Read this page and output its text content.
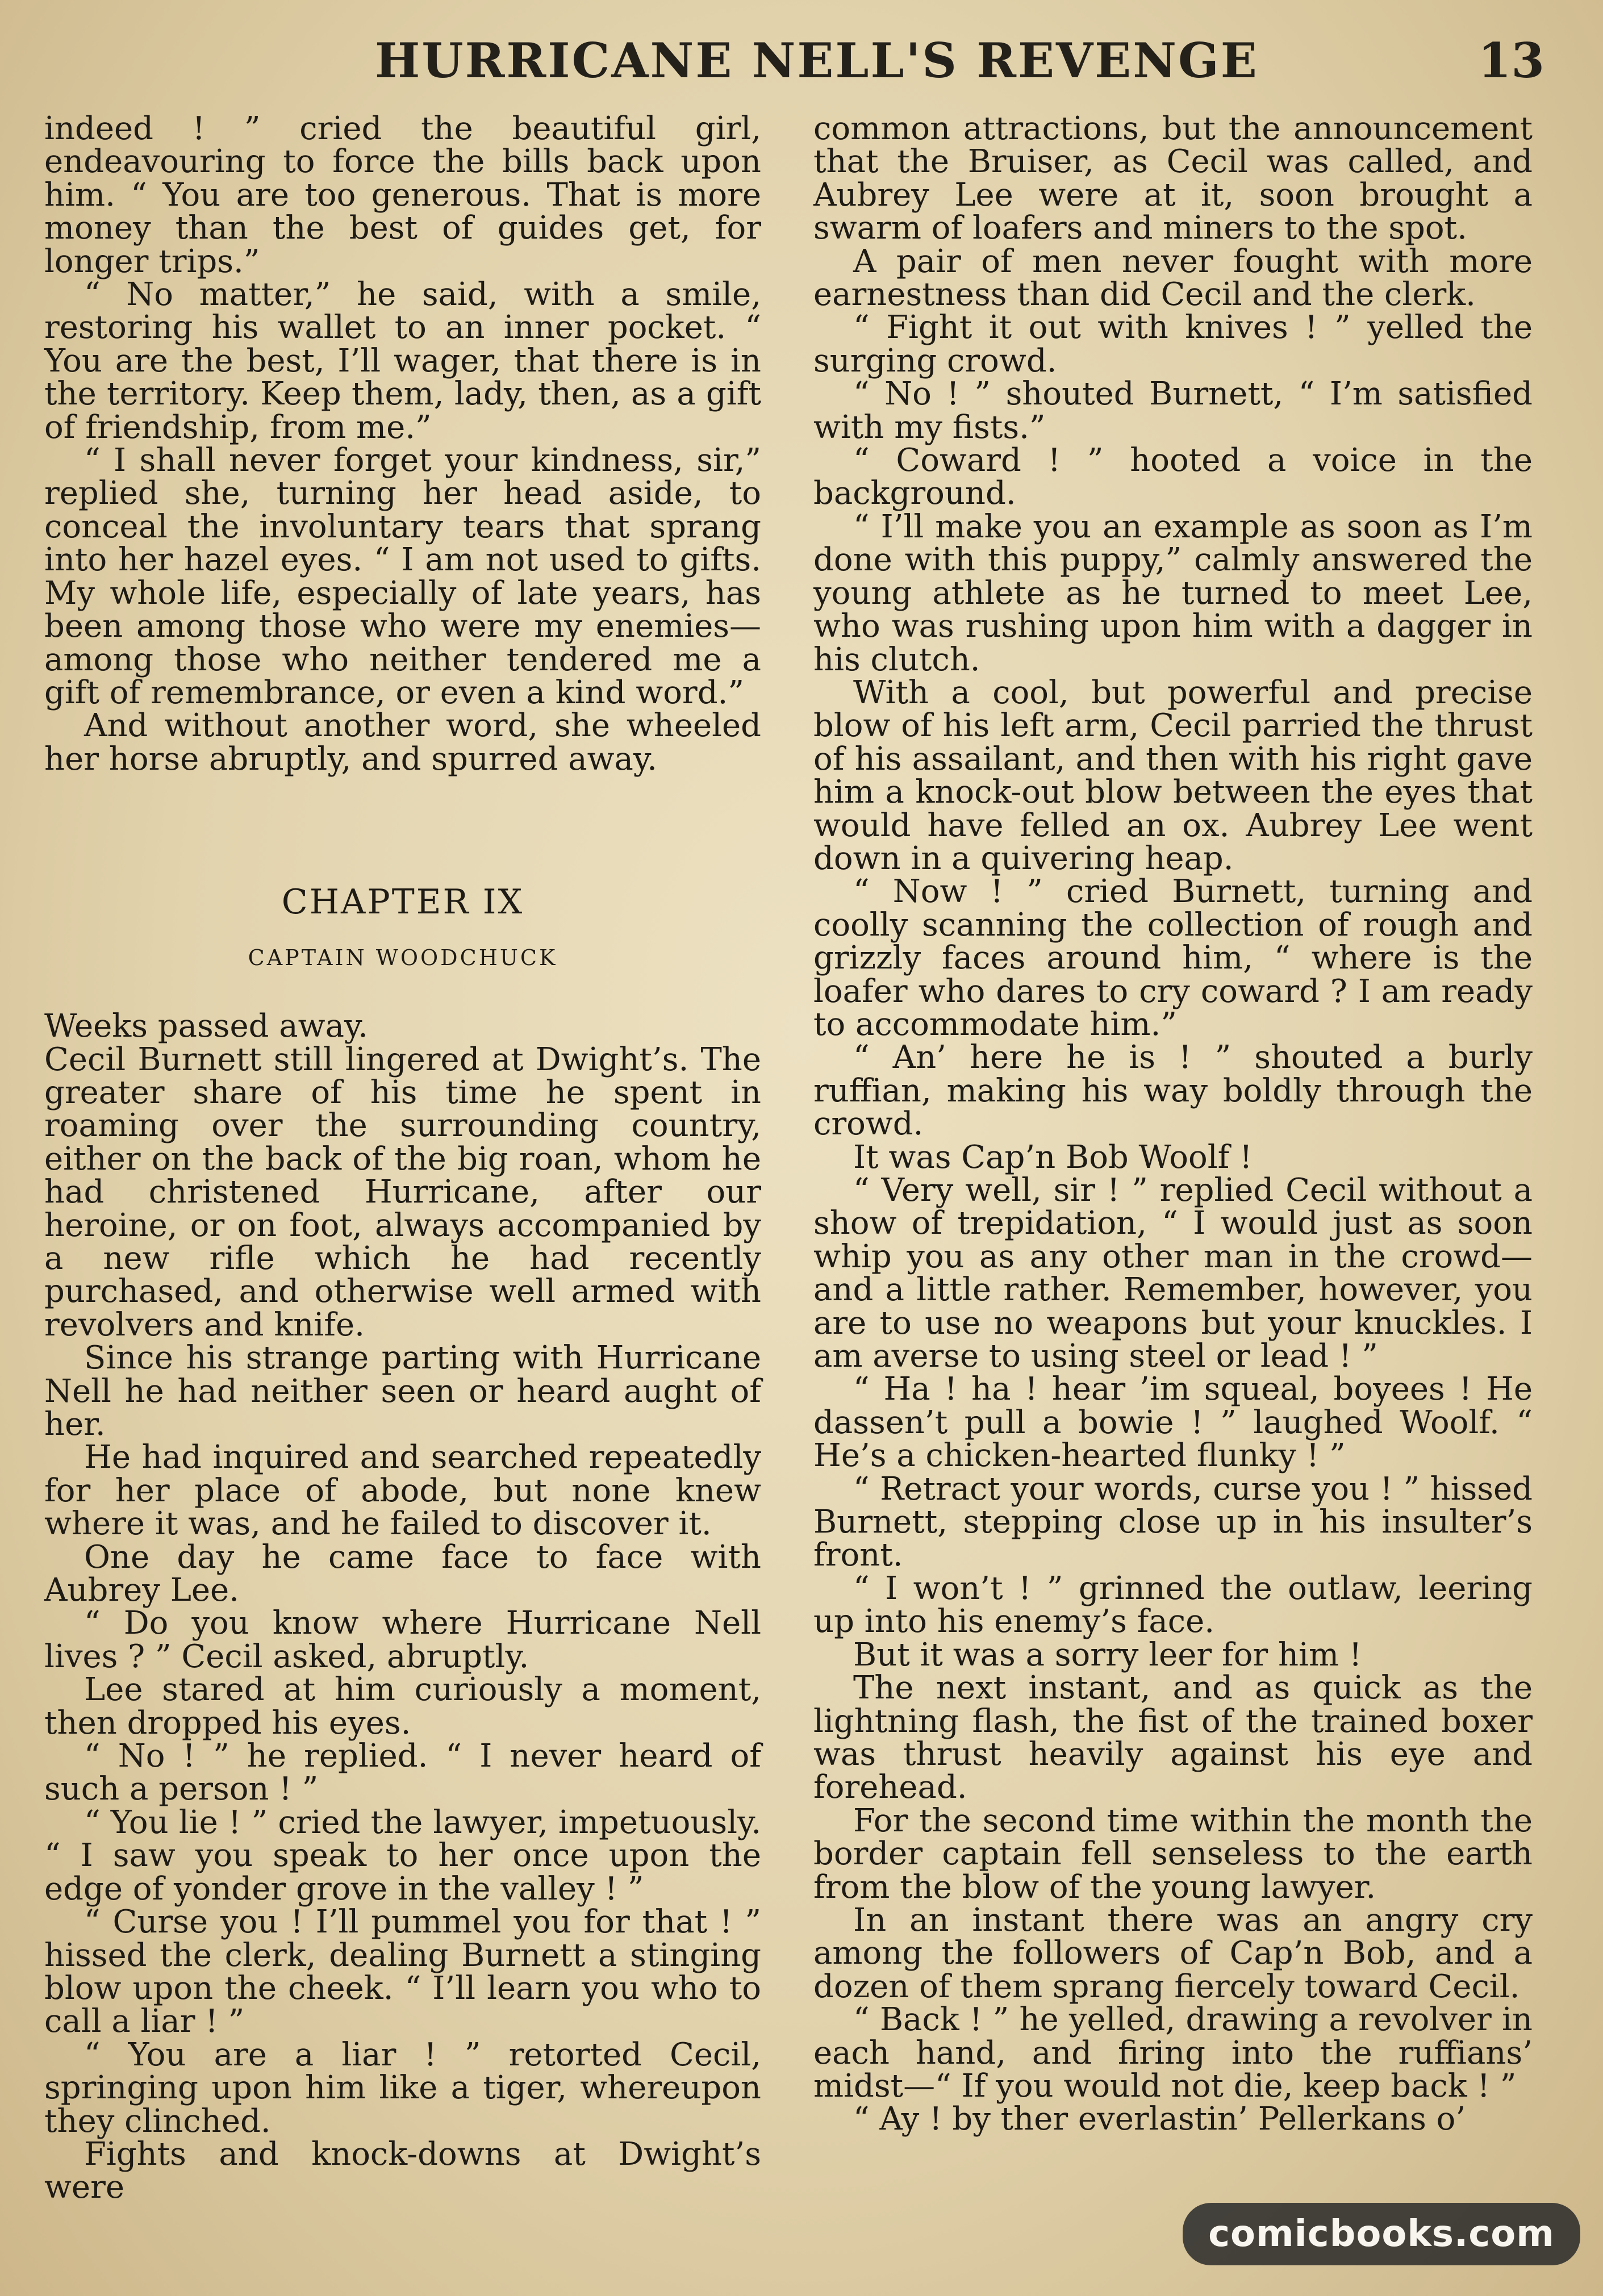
HURRICANE NELL'S REVENGE	13

indeed ! ” cried the beautiful girl, endeavouring to force the bills back upon him. “ You are too generous. That is more money than the best of guides get, for longer trips.”

“ No matter,” he said, with a smile, restoring his wallet to an inner pocket. “ You are the best, I’ll wager, that there is in the territory. Keep them, lady, then, as a gift of friendship, from me.”

“ I shall never forget your kindness, sir,” replied she, turning her head aside, to conceal the involuntary tears that sprang into her hazel eyes. “ I am not used to gifts. My whole life, especially of late years, has been among those who were my enemies—among those who neither tendered me a gift of remembrance, or even a kind word.”

And without another word, she wheeled her horse abruptly, and spurred away.

CHAPTER IX
CAPTAIN WOODCHUCK

Weeks passed away.

Cecil Burnett still lingered at Dwight’s. The greater share of his time he spent in roaming over the surrounding country, either on the back of the big roan, whom he had christened Hurricane, after our heroine, or on foot, always accompanied by a new rifle which he had recently purchased, and otherwise well armed with revolvers and knife.

Since his strange parting with Hurricane Nell he had neither seen or heard aught of her.

He had inquired and searched repeatedly for her place of abode, but none knew where it was, and he failed to discover it.

One day he came face to face with Aubrey Lee.

“ Do you know where Hurricane Nell lives ? ” Cecil asked, abruptly.

Lee stared at him curiously a moment, then dropped his eyes.

“ No ! ” he replied. “ I never heard of such a person ! ”

“ You lie ! ” cried the lawyer, impetuously. “ I saw you speak to her once upon the edge of yonder grove in the valley ! ”

“ Curse you ! I’ll pummel you for that ! ” hissed the clerk, dealing Burnett a stinging blow upon the cheek. “ I’ll learn you who to call a liar ! ”

“ You are a liar ! ” retorted Cecil, springing upon him like a tiger, whereupon they clinched.

Fights and knock-downs at Dwight’s were

common attractions, but the announcement that the Bruiser, as Cecil was called, and Aubrey Lee were at it, soon brought a swarm of loafers and miners to the spot.

A pair of men never fought with more earnestness than did Cecil and the clerk.

“ Fight it out with knives ! ” yelled the surging crowd.

“ No ! ” shouted Burnett, “ I’m satisfied with my fists.”

“ Coward ! ” hooted a voice in the background.

“ I’ll make you an example as soon as I’m done with this puppy,” calmly answered the young athlete as he turned to meet Lee, who was rushing upon him with a dagger in his clutch.

With a cool, but powerful and precise blow of his left arm, Cecil parried the thrust of his assailant, and then with his right gave him a knock-out blow between the eyes that would have felled an ox. Aubrey Lee went down in a quivering heap.

“ Now ! ” cried Burnett, turning and coolly scanning the collection of rough and grizzly faces around him, “ where is the loafer who dares to cry coward ? I am ready to accommodate him.”

“ An’ here he is ! ” shouted a burly ruffian, making his way boldly through the crowd.

It was Cap’n Bob Woolf !

“ Very well, sir ! ” replied Cecil without a show of trepidation, “ I would just as soon whip you as any other man in the crowd—and a little rather. Remember, however, you are to use no weapons but your knuckles. I am averse to using steel or lead ! ”

“ Ha ! ha ! hear ’im squeal, boyees ! He dassen’t pull a bowie ! ” laughed Woolf. “ He’s a chicken-hearted flunky ! ”

“ Retract your words, curse you ! ” hissed Burnett, stepping close up in his insulter’s front.

“ I won’t ! ” grinned the outlaw, leering up into his enemy’s face.

But it was a sorry leer for him !

The next instant, and as quick as the lightning flash, the fist of the trained boxer was thrust heavily against his eye and forehead.

For the second time within the month the border captain fell senseless to the earth from the blow of the young lawyer.

In an instant there was an angry cry among the followers of Cap’n Bob, and a dozen of them sprang fiercely toward Cecil.

“ Back ! ” he yelled, drawing a revolver in each hand, and firing into the ruffians’ midst—“ If you would not die, keep back ! ”

“ Ay ! by ther everlastin’ Pellerkans o’

comicbooks.com
